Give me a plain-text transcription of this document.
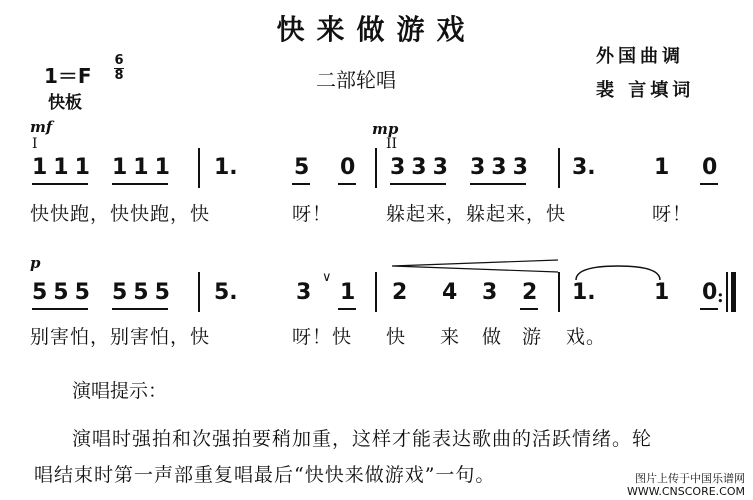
快来做游戏
二部轮唱
外国曲调
裴 言填词
1＝F
6
8
快板
mf
I
mp
II
111 111 1.	5 0 333 333 3.	1 0
快快跑，快快跑，快	呀！	躲起来，躲起来，快	呀！
p
555 555 5.	3
∨
1 2 4 3 2 1.	1 0 :
别害怕，别害怕，快	呀！快 快 来 做 游 戏。
演唱提示：
演唱时强拍和次强拍要稍加重，这样才能表达歌曲的活跃情绪。轮
唱结束时第一声部重复唱最后“快快来做游戏”一句。	图片上传于中国乐谱网
WWW.CNSCORE.COM
